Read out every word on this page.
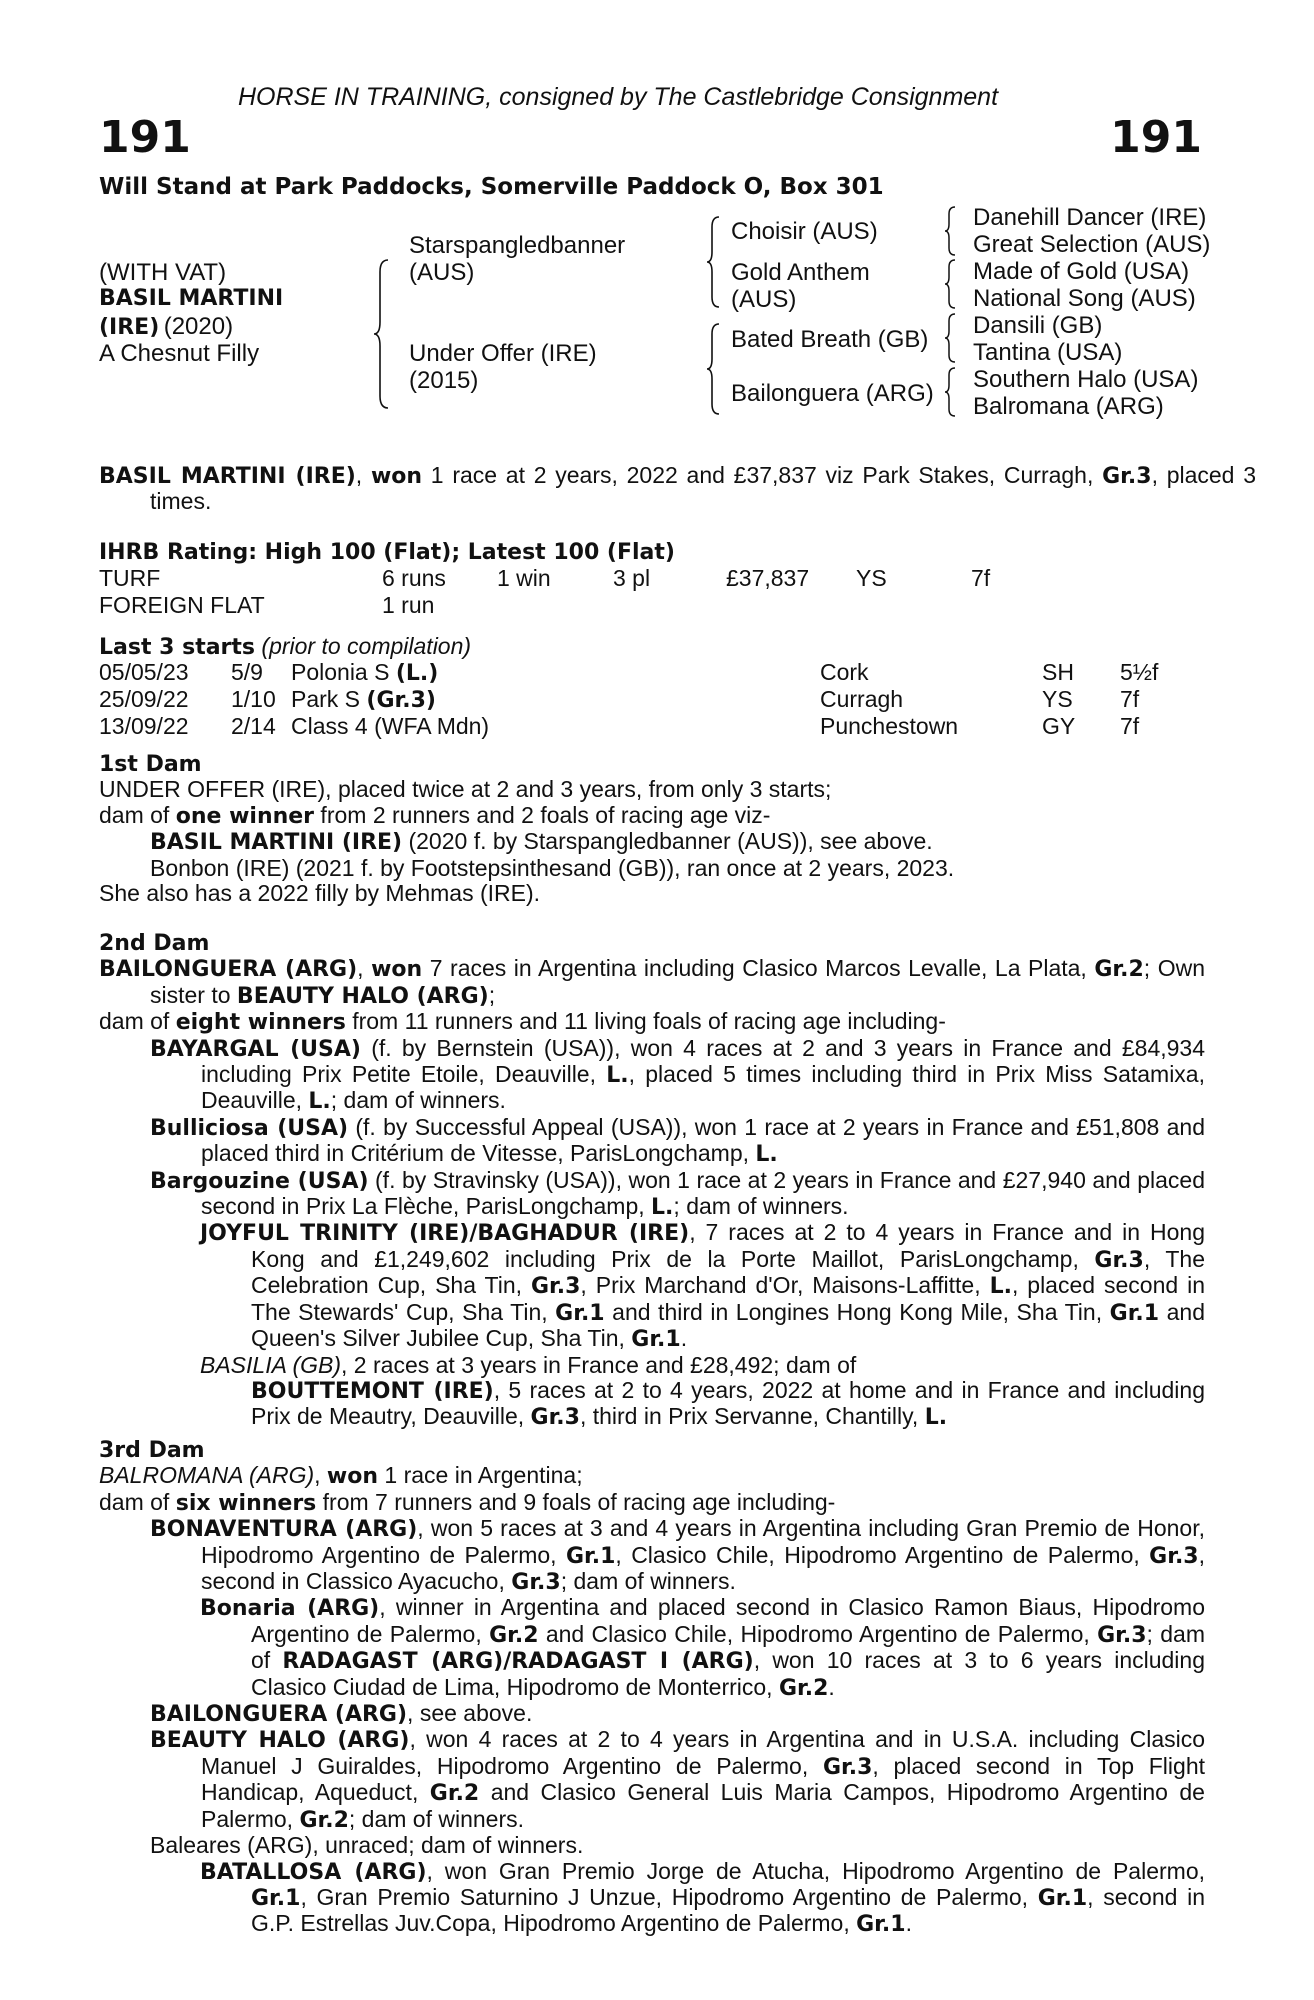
HORSE IN TRAINING, consigned by The Castlebridge Consignment
191	191
Will Stand at Park Paddocks, Somerville Paddock O, Box 301
(WITH VAT)
BASIL MARTINI
(IRE) (2020)
A Chesnut Filly
Starspangledbanner
(AUS)
Under Offer (IRE)
(2015)
Choisir (AUS)
Gold Anthem
(AUS)
Bated Breath (GB)
Bailonguera (ARG)
Danehill Dancer (IRE)
Great Selection (AUS)
Made of Gold (USA)
National Song (AUS)
Dansili (GB)
Tantina (USA)
Southern Halo (USA)
Balromana (ARG)
BASIL MARTINI (IRE), won 1 race at 2 years, 2022 and £37,837 viz Park Stakes, Curragh, Gr.3, placed 3 times.
IHRB Rating: High 100 (Flat); Latest 100 (Flat)
TURF	6 runs	1 win	3 pl	£37,837	YS	7f
FOREIGN FLAT	1 run					
Last 3 starts (prior to compilation)
05/05/23	5/9	Polonia S (L.)	Cork	SH	5½f
25/09/22	1/10	Park S (Gr.3)	Curragh	YS	7f
13/09/22	2/14	Class 4 (WFA Mdn)	Punchestown	GY	7f

1st Dam

UNDER OFFER (IRE), placed twice at 2 and 3 years, from only 3 starts;

dam of one winner from 2 runners and 2 foals of racing age viz-

BASIL MARTINI (IRE) (2020 f. by Starspangledbanner (AUS)), see above.

Bonbon (IRE) (2021 f. by Footstepsinthesand (GB)), ran once at 2 years, 2023.

She also has a 2022 filly by Mehmas (IRE).

2nd Dam

BAILONGUERA (ARG), won 7 races in Argentina including Clasico Marcos Levalle, La Plata, Gr.2; Own sister to BEAUTY HALO (ARG);

dam of eight winners from 11 runners and 11 living foals of racing age including-

BAYARGAL (USA) (f. by Bernstein (USA)), won 4 races at 2 and 3 years in France and £84,934 including Prix Petite Etoile, Deauville, L., placed 5 times including third in Prix Miss Satamixa, Deauville, L.; dam of winners.

Bulliciosa (USA) (f. by Successful Appeal (USA)), won 1 race at 2 years in France and £51,808 and placed third in Critérium de Vitesse, ParisLongchamp, L.

Bargouzine (USA) (f. by Stravinsky (USA)), won 1 race at 2 years in France and £27,940 and placed second in Prix La Flèche, ParisLongchamp, L.; dam of winners.

JOYFUL TRINITY (IRE)/BAGHADUR (IRE), 7 races at 2 to 4 years in France and in Hong Kong and £1,249,602 including Prix de la Porte Maillot, ParisLongchamp, Gr.3, The Celebration Cup, Sha Tin, Gr.3, Prix Marchand d'Or, Maisons-Laffitte, L., placed second in The Stewards' Cup, Sha Tin, Gr.1 and third in Longines Hong Kong Mile, Sha Tin, Gr.1 and Queen's Silver Jubilee Cup, Sha Tin, Gr.1.

BASILIA (GB), 2 races at 3 years in France and £28,492; dam of

BOUTTEMONT (IRE), 5 races at 2 to 4 years, 2022 at home and in France and including Prix de Meautry, Deauville, Gr.3, third in Prix Servanne, Chantilly, L.

3rd Dam

BALROMANA (ARG), won 1 race in Argentina;

dam of six winners from 7 runners and 9 foals of racing age including-

BONAVENTURA (ARG), won 5 races at 3 and 4 years in Argentina including Gran Premio de Honor, Hipodromo Argentino de Palermo, Gr.1, Clasico Chile, Hipodromo Argentino de Palermo, Gr.3, second in Classico Ayacucho, Gr.3; dam of winners.

Bonaria (ARG), winner in Argentina and placed second in Clasico Ramon Biaus, Hipodromo Argentino de Palermo, Gr.2 and Clasico Chile, Hipodromo Argentino de Palermo, Gr.3; dam of RADAGAST (ARG)/RADAGAST I (ARG), won 10 races at 3 to 6 years including Clasico Ciudad de Lima, Hipodromo de Monterrico, Gr.2.

BAILONGUERA (ARG), see above.

BEAUTY HALO (ARG), won 4 races at 2 to 4 years in Argentina and in U.S.A. including Clasico Manuel J Guiraldes, Hipodromo Argentino de Palermo, Gr.3, placed second in Top Flight Handicap, Aqueduct, Gr.2 and Clasico General Luis Maria Campos, Hipodromo Argentino de Palermo, Gr.2; dam of winners.

Baleares (ARG), unraced; dam of winners.

BATALLOSA (ARG), won Gran Premio Jorge de Atucha, Hipodromo Argentino de Palermo, Gr.1, Gran Premio Saturnino J Unzue, Hipodromo Argentino de Palermo, Gr.1, second in G.P. Estrellas Juv.Copa, Hipodromo Argentino de Palermo, Gr.1.
